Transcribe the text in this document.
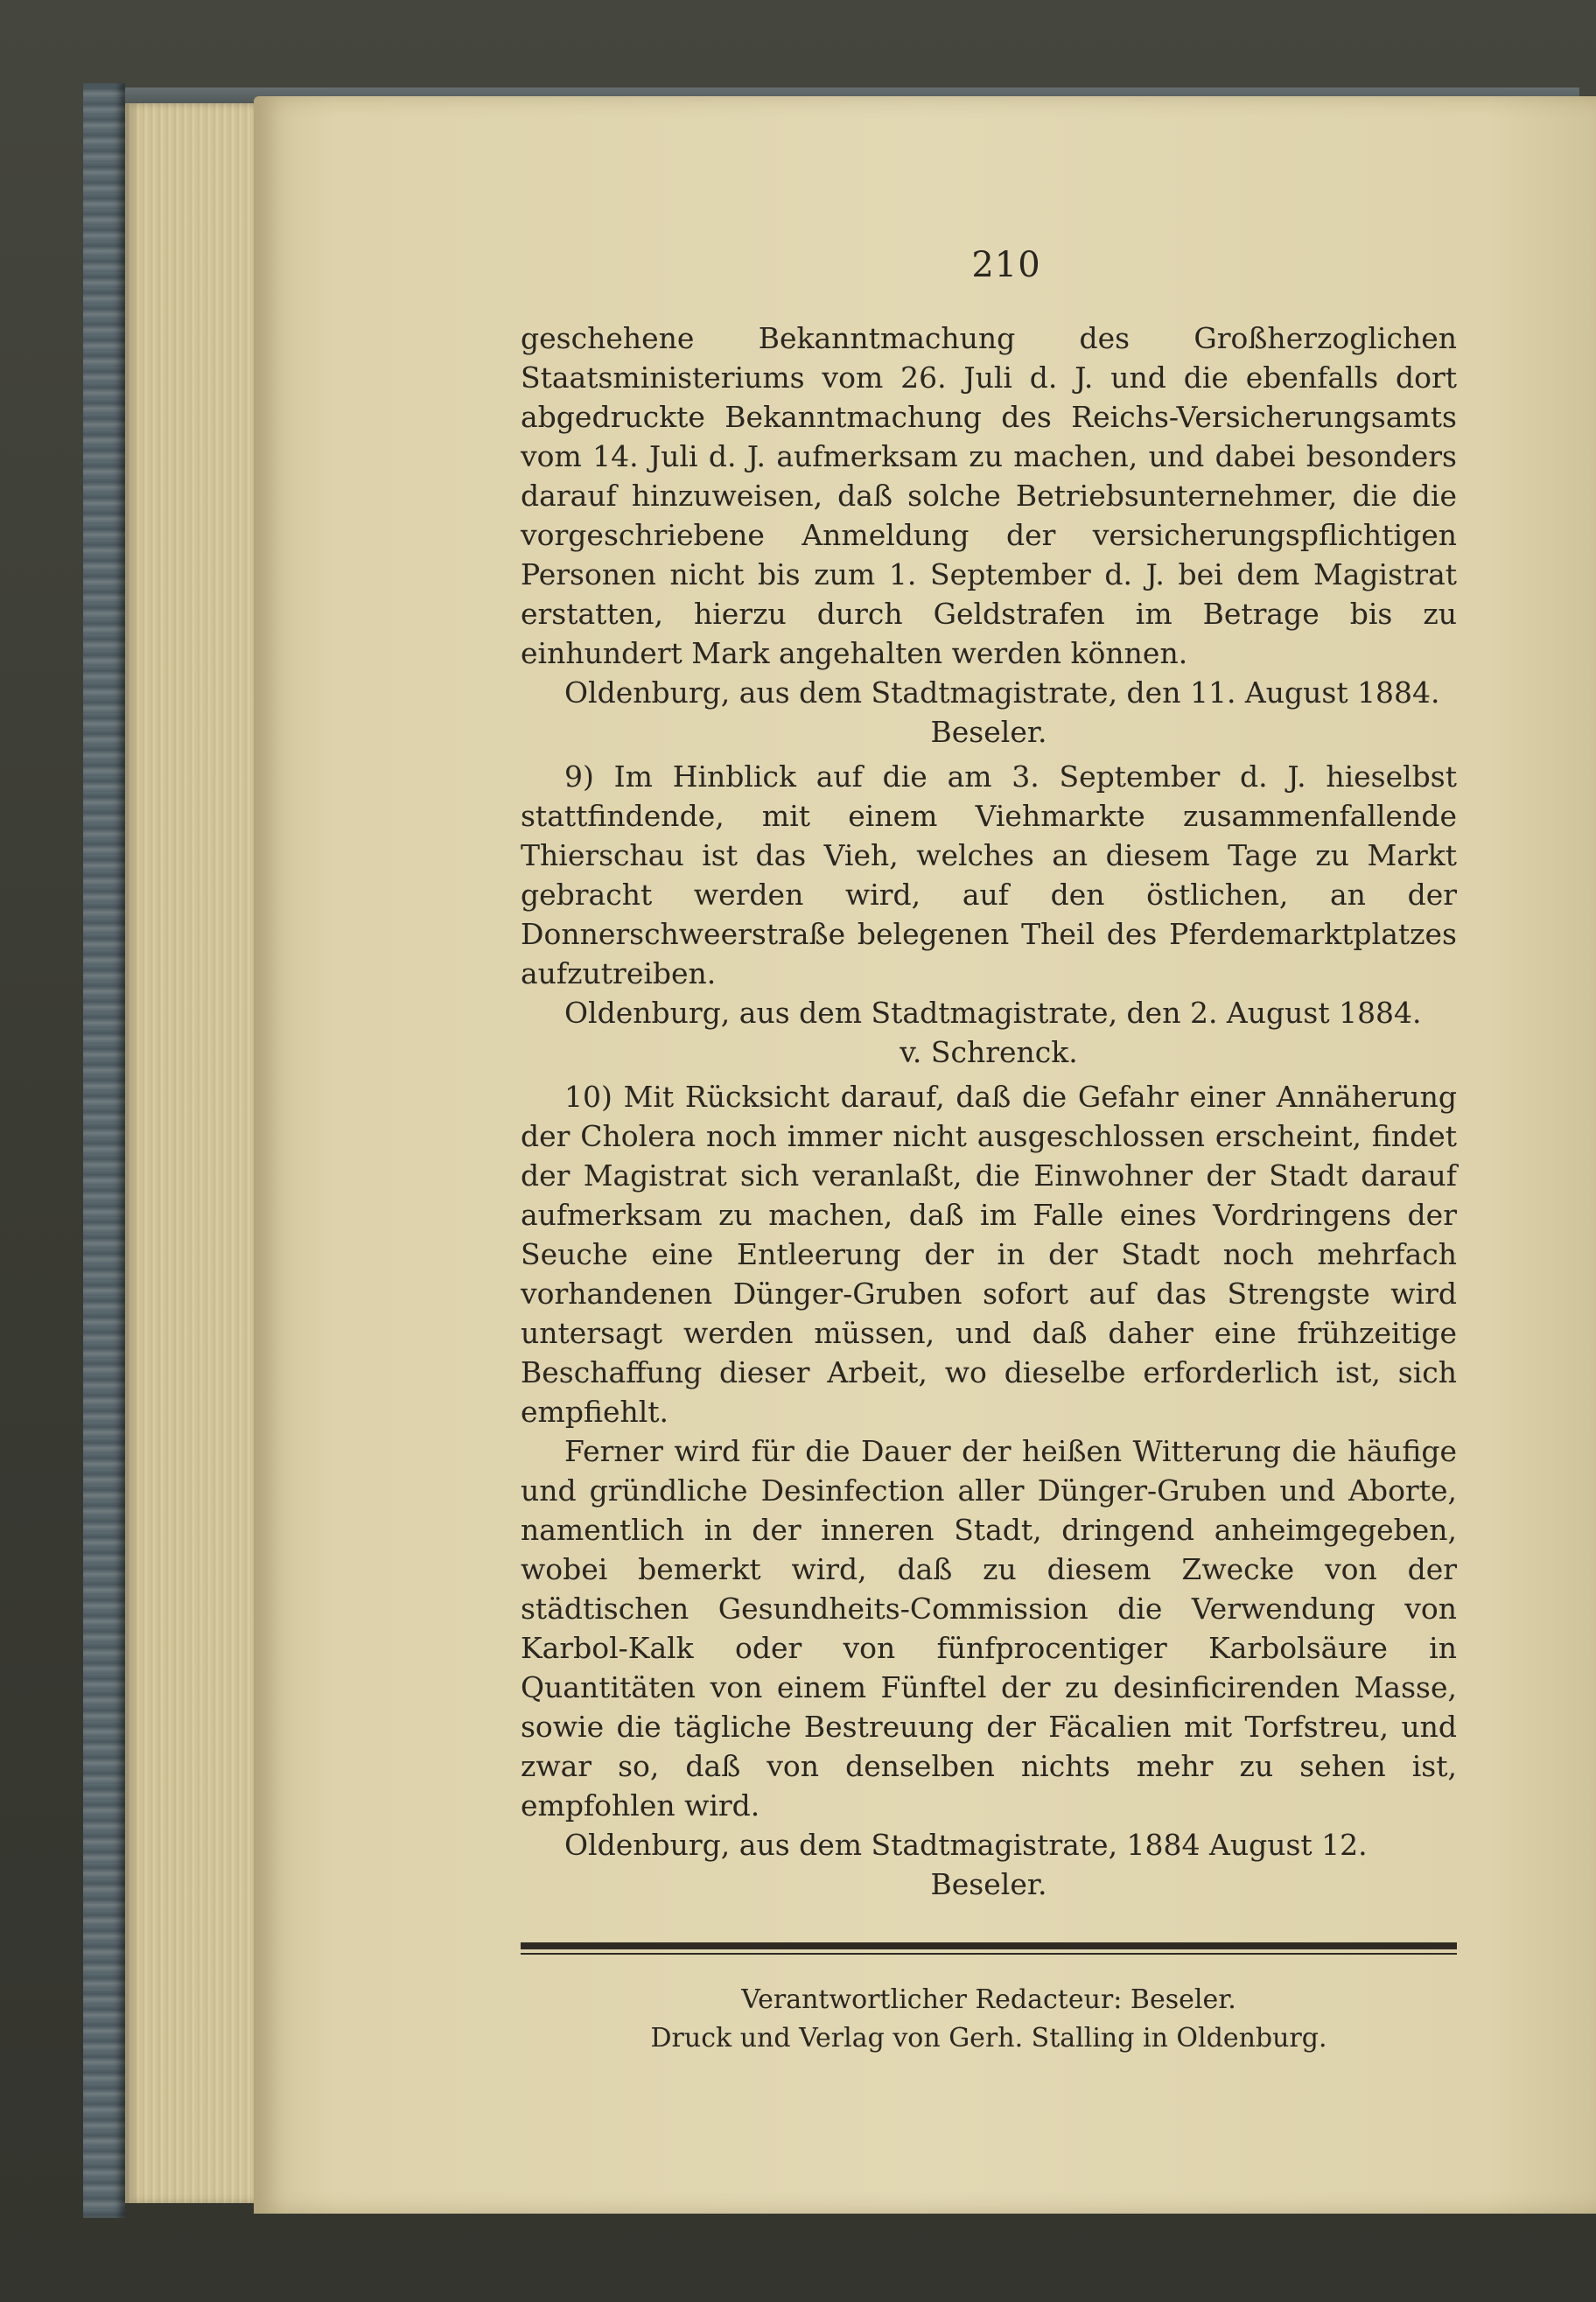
210

geschehene Bekanntmachung des Großherzoglichen Staatsministeriums vom 26. Juli d. J. und die ebenfalls dort abgedruckte Bekanntmachung des Reichs-Versicherungsamts vom 14. Juli d. J. aufmerksam zu machen, und dabei besonders darauf hinzuweisen, daß solche Betriebsunternehmer, die die vorgeschriebene Anmeldung der versicherungspflichtigen Personen nicht bis zum 1. September d. J. bei dem Magistrat erstatten, hierzu durch Geldstrafen im Betrage bis zu einhundert Mark angehalten werden können.

Oldenburg, aus dem Stadtmagistrate, den 11. August 1884.

Beseler.

9) Im Hinblick auf die am 3. September d. J. hieselbst stattfindende, mit einem Viehmarkte zusammenfallende Thierschau ist das Vieh, welches an diesem Tage zu Markt gebracht werden wird, auf den östlichen, an der Donnerschweerstraße belegenen Theil des Pferdemarktplatzes aufzutreiben.

Oldenburg, aus dem Stadtmagistrate, den 2. August 1884.

v. Schrenck.

10) Mit Rücksicht darauf, daß die Gefahr einer Annäherung der Cholera noch immer nicht ausgeschlossen erscheint, findet der Magistrat sich veranlaßt, die Einwohner der Stadt darauf aufmerksam zu machen, daß im Falle eines Vordringens der Seuche eine Entleerung der in der Stadt noch mehrfach vorhandenen Dünger-Gruben sofort auf das Strengste wird untersagt werden müssen, und daß daher eine frühzeitige Beschaffung dieser Arbeit, wo dieselbe erforderlich ist, sich empfiehlt.

Ferner wird für die Dauer der heißen Witterung die häufige und gründliche Desinfection aller Dünger-Gruben und Aborte, namentlich in der inneren Stadt, dringend anheimgegeben, wobei bemerkt wird, daß zu diesem Zwecke von der städtischen Gesundheits-Commission die Verwendung von Karbol-Kalk oder von fünfprocentiger Karbolsäure in Quantitäten von einem Fünftel der zu desinficirenden Masse, sowie die tägliche Bestreuung der Fäcalien mit Torfstreu, und zwar so, daß von denselben nichts mehr zu sehen ist, empfohlen wird.

Oldenburg, aus dem Stadtmagistrate, 1884 August 12.

Beseler.

Verantwortlicher Redacteur: Beseler.
Druck und Verlag von Gerh. Stalling in Oldenburg.
